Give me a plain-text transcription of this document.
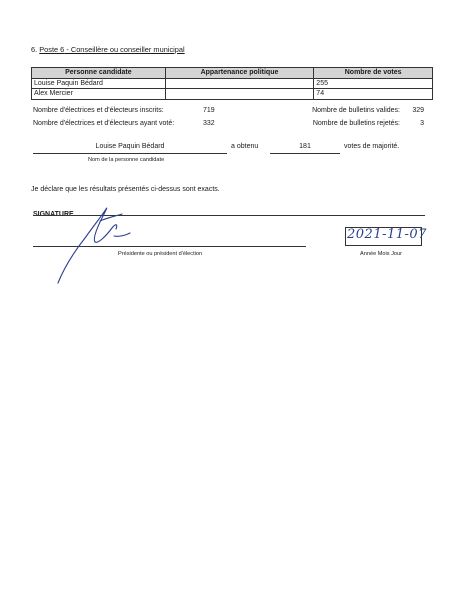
6. Poste 6 - Conseillère ou conseiller municipal
Personne candidate	Appartenance politique	Nombre de votes
Louise Paquin Bédard		255
Alex Mercier		74
Nombre d'électrices et d'électeurs inscrits:	719
Nombre d'électrices et d'électeurs ayant voté:	332
Nombre de bulletins valides:	329
Nombre de bulletins rejetés:	3
Louise Paquin Bédard	a obtenu	181	votes de majorité.
Nom de la personne candidate
Je déclare que les résultats présentés ci-dessus sont exacts.
SIGNATURE
Présidente ou président d'élection
2021-11-07
Année Mois Jour
